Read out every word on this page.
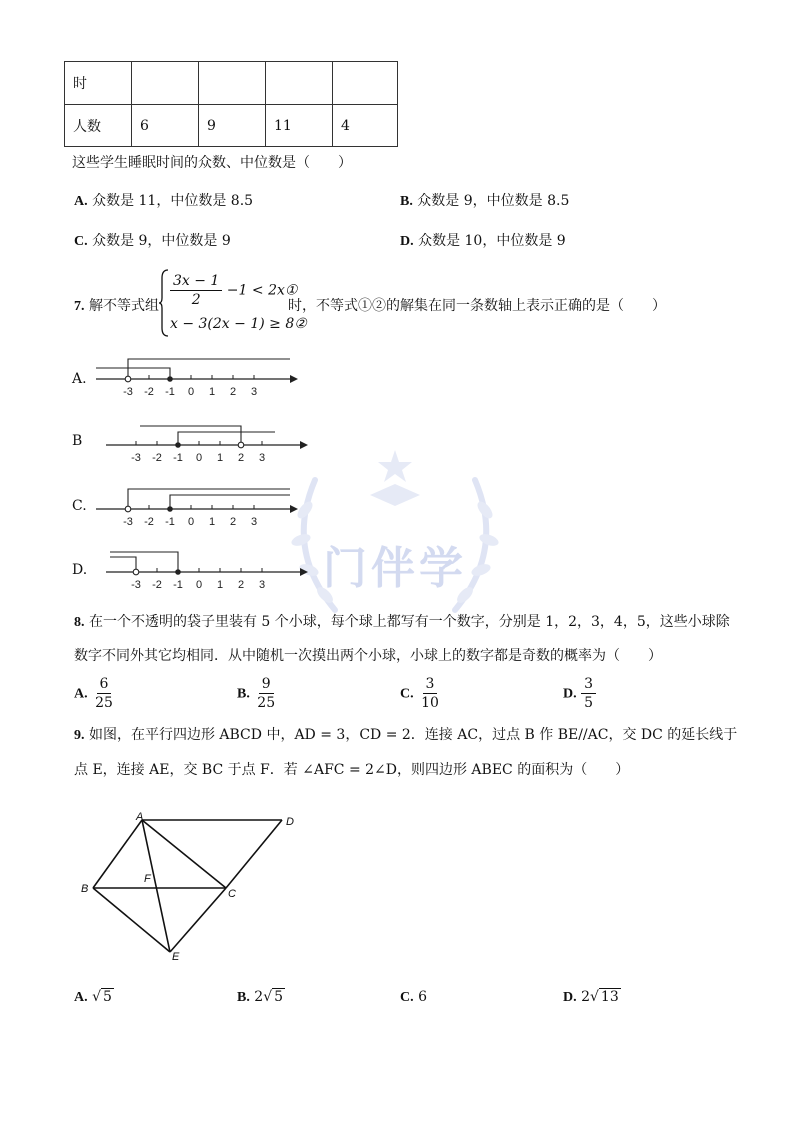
门伴学
时				
人数	6	9	11	4
这些学生睡眠时间的众数、中位数是（　　）
A. 众数是 11，中位数是 8.5	B. 众数是 9，中位数是 8.5
C. 众数是 9，中位数是 9	D. 众数是 10，中位数是 9
7. 解不等式组 $\frac{3x - 1}{2} -1$ < 2x①
x − 3(2x − 1) ≥ 8②
时，不等式①②的解集在同一条数轴上表示正确的是（　　）
A.
B
C.
D.
-3 -2 -1 0 1 2 3
-3 -2 -1 0 1 2 3
-3 -2 -1 0 1 2 3
-3 -2 -1 0 1 2 3
8. 在一个不透明的袋子里装有 5 个小球，每个球上都写有一个数字，分别是 1，2，3，4，5，这些小球除
数字不同外其它均相同．从中随机一次摸出两个小球，小球上的数字都是奇数的概率为（　　）
A. $\frac{6}{25}$	B. $\frac{9}{25}$	C. $\frac{3}{10}$	D. $\frac{3}{5}$
9. 如图，在平行四边形 ABCD 中，AD = 3，CD = 2．连接 AC，过点 B 作 BE//AC，交 DC 的延长线于
点 E，连接 AE，交 BC 于点 F．若 ∠AFC = 2∠D，则四边形 ABEC 的面积为（　　）
A
B	C
D
E
F
A. √ 5	B. 2√ 5	C. 6	D. 2√ 13
